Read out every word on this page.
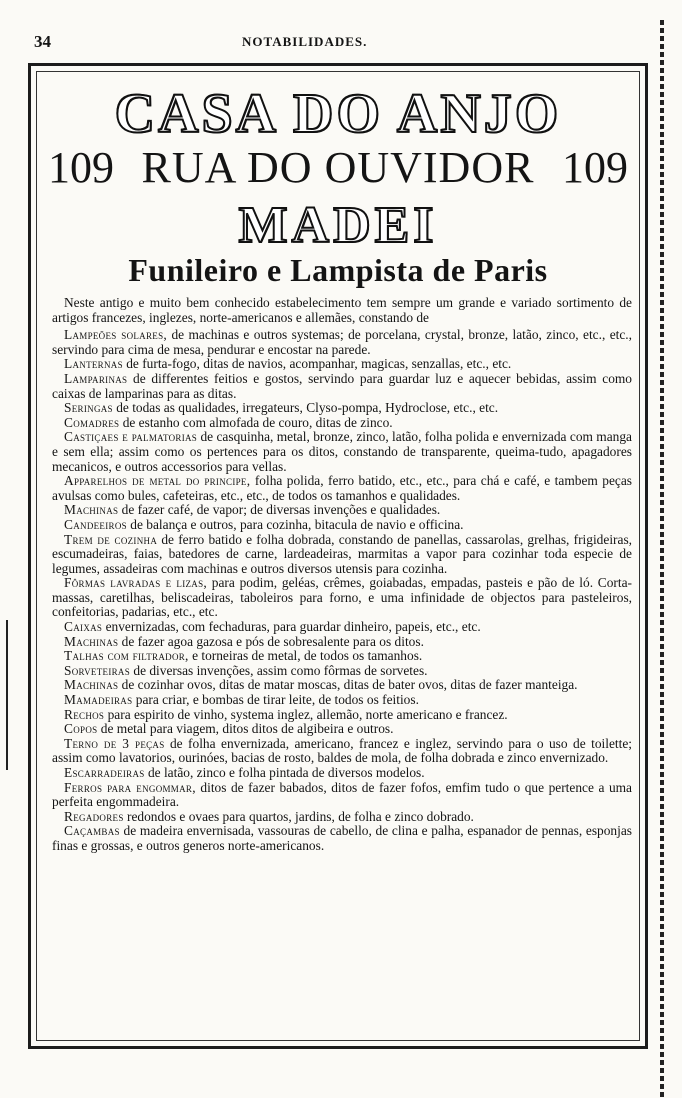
34	NOTABILIDADES.
CASA DO ANJO
109 RUA DO OUVIDOR 109
MADEI
Funileiro e Lampista de Paris

Neste antigo e muito bem conhecido estabelecimento tem sempre um grande e variado sortimento de artigos francezes, inglezes, norte-americanos e allemães, constando de

Lampeões solares, de machinas e outros systemas; de porcelana, crystal, bronze, latão, zinco, etc., etc., servindo para cima de mesa, pendurar e encostar na parede.

Lanternas de furta-fogo, ditas de navios, acompanhar, magicas, senzallas, etc., etc.

Lamparinas de differentes feitios e gostos, servindo para guardar luz e aquecer bebidas, assim como caixas de lamparinas para as ditas.

Seringas de todas as qualidades, irregateurs, Clyso-pompa, Hydroclose, etc., etc.

Comadres de estanho com almofada de couro, ditas de zinco.

Castiçaes e palmatorias de casquinha, metal, bronze, zinco, latão, folha polida e envernizada com manga e sem ella; assim como os pertences para os ditos, constando de transparente, queima-tudo, apagadores mecanicos, e outros accessorios para vellas.

Apparelhos de metal do principe, folha polida, ferro batido, etc., etc., para chá e café, e tambem peças avulsas como bules, cafeteiras, etc., etc., de todos os tamanhos e qualidades.

Machinas de fazer café, de vapor; de diversas invenções e qualidades.

Candeeiros de balança e outros, para cozinha, bitacula de navio e officina.

Trem de cozinha de ferro batido e folha dobrada, constando de panellas, cassarolas, grelhas, frigideiras, escumadeiras, faias, batedores de carne, lardeadeiras, marmitas a vapor para cozinhar toda especie de legumes, assadeiras com machinas e outros diversos utensis para cozinha.

Fôrmas lavradas e lizas, para podim, geléas, crêmes, goiabadas, empadas, pasteis e pão de ló. Corta-massas, caretilhas, beliscadeiras, taboleiros para forno, e uma infinidade de objectos para pasteleiros, confeitorias, padarias, etc., etc.

Caixas envernizadas, com fechaduras, para guardar dinheiro, papeis, etc., etc.

Machinas de fazer agoa gazosa e pós de sobresalente para os ditos.

Talhas com filtrador, e torneiras de metal, de todos os tamanhos.

Sorveteiras de diversas invenções, assim como fôrmas de sorvetes.

Machinas de cozinhar ovos, ditas de matar moscas, ditas de bater ovos, ditas de fazer manteiga.

Mamadeiras para criar, e bombas de tirar leite, de todos os feitios.

Rechos para espirito de vinho, systema inglez, allemão, norte americano e francez.

Copos de metal para viagem, ditos ditos de algibeira e outros.

Terno de 3 peças de folha envernizada, americano, francez e inglez, servindo para o uso de toilette; assim como lavatorios, ourinóes, bacias de rosto, baldes de mola, de folha dobrada e zinco envernizado.

Escarradeiras de latão, zinco e folha pintada de diversos modelos.

Ferros para engommar, ditos de fazer babados, ditos de fazer fofos, emfim tudo o que pertence a uma perfeita engommadeira.

Regadores redondos e ovaes para quartos, jardins, de folha e zinco dobrado.

Caçambas de madeira envernisada, vassouras de cabello, de clina e palha, espanador de pennas, esponjas finas e grossas, e outros generos norte-americanos.
